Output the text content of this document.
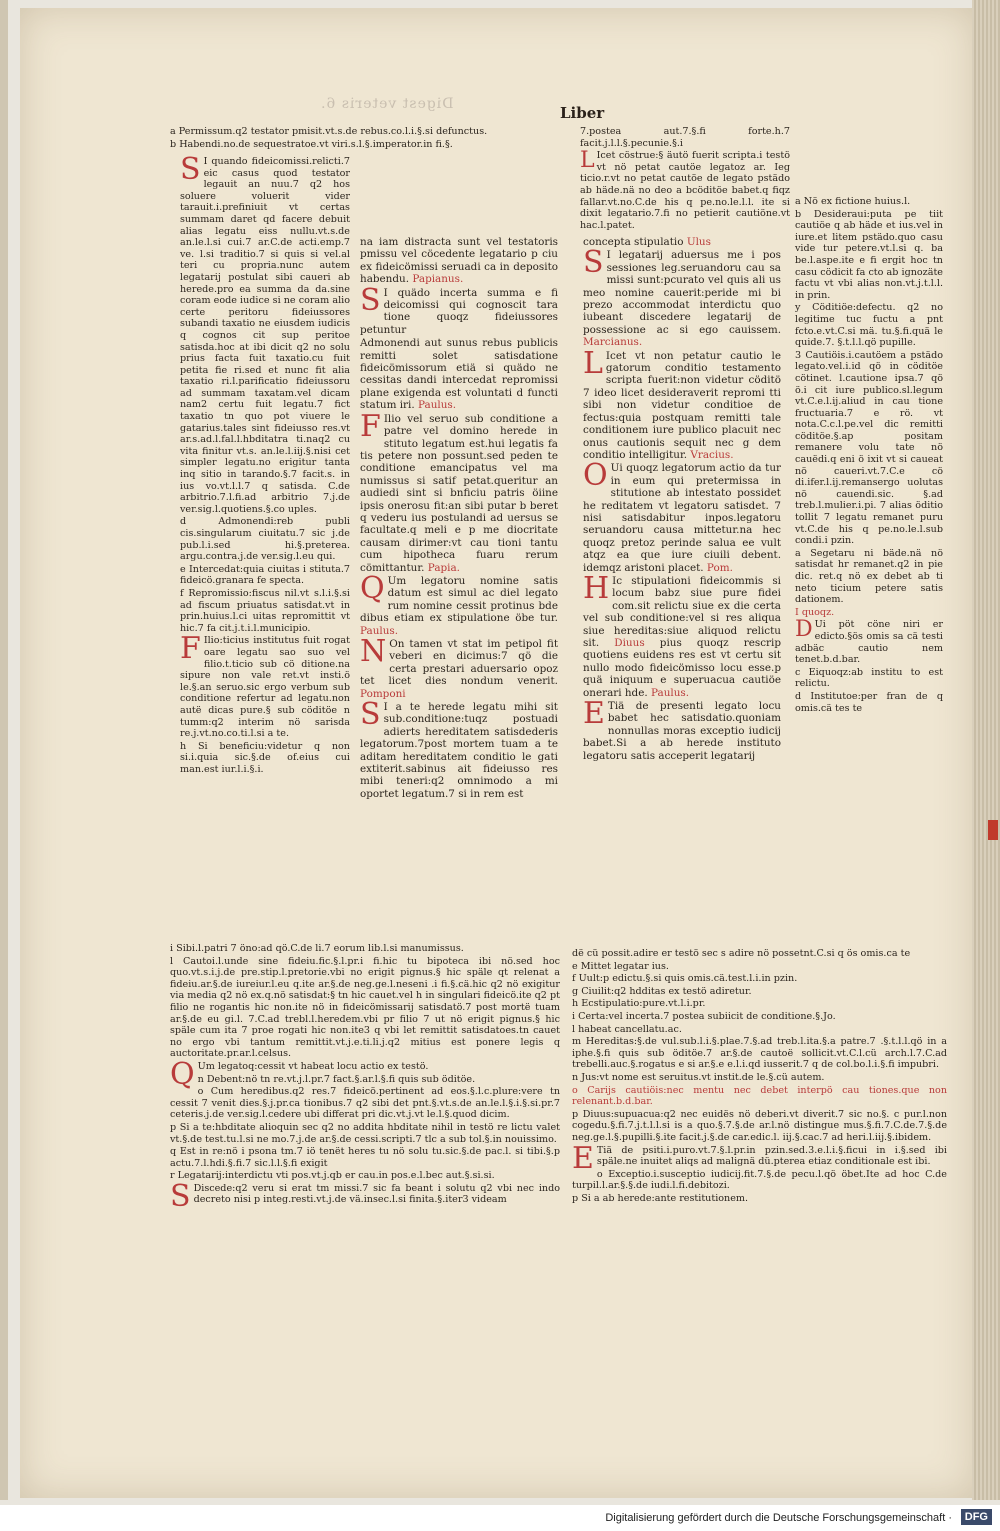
Digest veteris 6.	Liber

a Permissum.q2 testator pmisit.vt.s.de rebus.co.l.i.§.si defunctus.

b Habendi.no.de sequestratoe.vt viri.s.l.§.imperator.in fi.§.

S I quando fideicomissi.relicti.7 eic casus quod testator legauit an nuu.7 q2 hos soluere voluerit vider tarauit.i.prefiniuit vt certas summam daret qd facere debuit alias legatu eiss nullu.vt.s.de an.le.l.si cui.7 ar.C.de acti.emp.7 ve. l.si traditio.7 si quis si vel.al teri cu propria.nunc autem legatarij postulat sibi caueri ab herede.pro ea summa da da.sine coram eode iudice si ne coram alio certe peritoru fideiussores subandi taxatio ne eiusdem iudicis q cognos cit sup peritoe satisda.hoc at ibi dicit q2 no solu prius facta fuit taxatio.cu fuit petita fie ri.sed et nunc fit alia taxatio ri.l.parificatio fideiussoru ad summam taxatam.vel dicam nam2 certu fuit legatu.7 fict taxatio tn quo pot viuere le gatarius.tales sint fideiusso res.vt ar.s.ad.l.fal.l.hbditatra ti.naq2 cu vita finitur vt.s. an.le.l.iij.§.nisi cet simpler legatu.no erigitur tanta inq sitio in tarando.§.7 facit.s. in ius vo.vt.l.l.7 q satisda. C.de arbitrio.7.l.fi.ad arbitrio 7.j.de ver.sig.l.quotiens.§.co uples.

d Admonendi:reb publi cis.singularum ciuitatu.7 sic j.de pub.l.i.sed hi.§.preterea. argu.contra.j.de ver.sig.l.eu qui.

e Intercedat:quia ciuitas i stituta.7 fideicö.granara fe specta.

f Repromissio:fiscus nil.vt s.l.i.§.si ad fiscum priuatus satisdat.vt in prin.huius.l.ci uitas repromittit vt hic.7 fa cit.j.t.i.l.municipio.

F Ilio:ticius institutus fuit rogat oare legatu sao suo vel filio.t.ticio sub cö ditione.na sipure non vale ret.vt insti.ö le.§.an seruo.sic ergo verbum sub conditione refertur ad legatu.non autë dicas pure.§ sub cöditöe n tumm:q2 interim nö sarisda re.j.vt.no.co.ti.l.si a te.

h Si beneficiu:videtur q non si.i.quia sic.§.de of.eius cui man.est iur.l.i.§.i.

na iam distracta sunt vel testatoris pmissu vel cöcedente legatario p ciu ex fideicömissi seruadi ca in deposito habendu. Papianus.

S I quädo incerta summa e fi deicomissi qui cognoscit tara tione quoqz fideiussores petuntur

Admonendi aut sunus rebus publicis remitti solet satisdatione fideicömissorum etiä si quädo ne cessitas dandi intercedat repromissi plane exigenda est voluntati d functi statum iri. Paulus.

F Ilio vel seruo sub conditione a patre vel domino herede in stituto legatum est.hui legatis fa tis petere non possunt.sed peden te conditione emancipatus vel ma numissus si satif petat.queritur an audiedi sint si bnficiu patris öiine ipsis onerosu fit:an sibi putar b beret q vederu ius postulandi ad uersus se facultate.q meli e p me diocritate causam dirimer:vt cau tioni tantu cum hipotheca fuaru rerum cömittantur. Papia.

Q Um legatoru nomine satis datum est simul ac diel legato rum nomine cessit protinus bde dibus etiam ex stipulatione öbe tur. Paulus.

N On tamen vt stat im petipol fit veberi en dicimus:7 qö die certa prestari aduersario opoz tet licet dies nondum venerit. Pomponi

S I a te herede legatu mihi sit sub.conditione:tuqz postuadi adierts hereditatem satisdederis legatorum.7post mortem tuam a te aditam hereditatem conditio le gati extiterit.sabinus ait fideiusso res mibi teneri:q2 omnimodo a mi oportet legatum.7 si in rem est

7.postea aut.7.§.fi forte.h.7 facit.j.l.l.§.pecunie.§.i

L Icet cöstrue:§ äutö fuerit scripta.i testö vt nö petat cautöe legatoz ar. Ieg ticio.r.vt no petat cautöe de legato pstädo ab häde.nä no deo a bcöditöe babet.q fiqz fallar.vt.no.C.de his q pe.no.le.l.l. ite si dixit legatario.7.fi no petierit cautiöne.vt hac.l.patet.

concepta stipulatio Ulus

S I legatarij aduersus me i pos sessiones leg.seruandoru cau sa missi sunt:pcurato vel quis ali us meo nomine cauerit:peride mi bi prezo accommodat interdictu quo iubeant discedere legatarij de possessione ac si ego cauissem. Marcianus.

L Icet vt non petatur cautio le gatorum conditio testamento scripta fuerit:non videtur cöditö 7 ideo licet desideraverit repromi tti sibi non videtur conditioe de fectus:quia postquam remitti tale conditionem iure publico placuit nec onus cautionis sequit nec g dem conditio intelligitur. Vracius.

O Ui quoqz legatorum actio da tur in eum qui pretermissa in stitutione ab intestato possidet he reditatem vt legatoru satisdet. 7 nisi satisdabitur inpos.legatoru seruandoru causa mittetur.na hec quoqz pretoz perinde salua ee vult atqz ea que iure ciuili debent. idemqz aristoni placet. Pom.

H Ic stipulationi fideicommis si locum babz siue pure fidei com.sit relictu siue ex die certa vel sub conditione:vel si res aliqua siue hereditas:siue aliquod relictu sit. Diuus pius quoqz rescrip quotiens euidens res est vt certu sit nullo modo fideicömisso locu esse.p quä iniquum e superuacua cautiöe onerari hde. Paulus.

E Tiä de presenti legato locu babet hec satisdatio.quoniam nonnullas moras exceptio iudicij babet.Si a ab herede instituto legatoru satis acceperit legatarij

a Nö ex fictione huius.l.

b Desideraui:puta pe tiit cautiöe q ab häde et ius.vel in iure.et litem pstädo.quo casu vide tur petere.vt.l.si q. ba be.l.aspe.ite e fi ergit hoc tn casu cödicit fa cto ab ignozäte factu vt vbi alias non.vt.j.t.l.l. in prin.

y Cöditiöe:defectu. q2 no legitime tuc fuctu a pnt fcto.e.vt.C.si mä. tu.§.fi.quä le quide.7. §.t.l.l.qö pupille.

3 Cautiöis.i.cautöem a pstädo legato.vel.i.id qö in cöditöe cötinet. l.cautione ipsa.7 qö ö.i cit iure publico.sl.legum vt.C.e.l.ij.aliud in cau tione fructuaria.7 e rö. vt nota.C.c.l.pe.vel dic remitti cöditöe.§.ap positam remanere volu tate nö cauëdi.q eni ö ixit vt si caueat nö caueri.vt.7.C.e cö di.ifer.l.ij.remansergo uolutas nö cauendi.sic. §.ad treb.l.mulier.i.pi. 7 alias öditio tollit 7 legatu remanet puru vt.C.de his q pe.no.le.l.sub condi.i pzin.

a Segetaru ni bäde.nä nö satisdat hr remanet.q2 in pie dic. ret.q nö ex debet ab ti neto ticium petere satis dationem.

I quoqz.

D Ui pöt cöne niri er edicto.§ös omis sa cä testi adbäc cautio nem tenet.b.d.bar.

c Eiquoqz:ab institu to est relictu.

d Institutoe:per fran de q omis.cä tes te

i Sibi.l.patri 7 öno:ad qö.C.de li.7 eorum lib.l.si manumissus.

l Cautoi.l.unde sine fideiu.fic.§.l.pr.i fi.hic tu bipoteca ibi nö.sed hoc quo.vt.s.i.j.de pre.stip.l.pretorie.vbi no erigit pignus.§ hic späle qt relenat a fideiu.ar.§.de iureiur.l.eu q.ite ar.§.de neg.ge.l.neseni .i fi.§.cä.hic q2 nö exigitur via media q2 nö ex.q.nö satisdat:§ tn hic cauet.vel h in singulari fideicö.ite q2 pt filio ne rogantis hic non.ite nö in fideicömissarij satisdatö.7 post mortë tuam ar.§.de eu gi.l. 7.C.ad trebl.l.heredem.vbi pr filio 7 ut nö erigit pignus.§ hic späle cum ita 7 proe rogati hic non.ite3 q vbi let remittit satisdatoes.tn cauet no ergo vbi tantum remittit.vt.j.e.ti.li.j.q2 mitius est ponere legis q auctoritate.pr.ar.l.celsus.

Q Um legatoq:cessit vt habeat locu actio ex testö.

n Debent:nö tn re.vt.j.l.pr.7 fact.§.ar.l.§.fi quis sub öditöe.

o Cum heredibus.q2 res.7 fideicö.pertinent ad eos.§.l.c.plure:vere tn cessit 7 venit dies.§.j.pr.ca tionibus.7 q2 sibi det pnt.§.vt.s.de an.le.l.§.i.§.si.pr.7 ceteris.j.de ver.sig.l.cedere ubi differat pri dic.vt.j.vt le.l.§.quod dicim.

p Si a te:hbditate alioquin sec q2 no addita hbditate nihil in testö re lictu valet vt.§.de test.tu.l.si ne mo.7.j.de ar.§.de cessi.scripti.7 tlc a sub tol.§.in nouissimo.

q Est in re:nö i psona tm.7 iö tenët heres tu nö solu tu.sic.§.de pac.l. si tibi.§.p actu.7.l.hdi.§.fi.7 sic.l.l.§.fi exigit

r Legatarij:interdictu vti pos.vt.j.qb er cau.in pos.e.l.bec aut.§.si.si.

S Discede:q2 veru si erat tm missi.7 sic fa beant i solutu q2 vbi nec indo decreto nisi p integ.resti.vt.j.de vä.insec.l.si finita.§.iter3 videam

dë cü possit.adire er testö sec s adire nö possetnt.C.si q ös omis.ca te

e Mittet legatar ius.

f Uult:p edictu.§.si quis omis.cä.test.l.i.in pzin.

g Ciuilit:q2 hdditas ex testö adiretur.

h Ecstipulatio:pure.vt.l.i.pr.

i Certa:vel incerta.7 postea subiicit de conditione.§.Jo.

l habeat cancellatu.ac.

m Hereditas:§.de vul.sub.l.i.§.plae.7.§.ad treb.l.ita.§.a patre.7 .§.t.l.l.qö in a iphe.§.fi quis sub öditöe.7 ar.§.de cautoë sollicit.vt.C.l.cü arch.l.7.C.ad trebelli.auc.§.rogatus e si ar.§.e e.l.i.qd iusserit.7 q de col.bo.l.i.§.fi impubri.

n Jus:vt nome est seruitus.vt instit.de le.§.cü autem.

o Carijs cautiöis:nec mentu nec debet interpö cau tiones.que non relenant.b.d.bar.

p Diuus:supuacua:q2 nec euidës nö deberi.vt diverit.7 sic no.§. c pur.l.non cogedu.§.fi.7.j.t.l.l.si is a quo.§.7.§.de ar.l.nö distingue mus.§.fi.7.C.de.7.§.de neg.ge.l.§.pupilli.§.ite facit.j.§.de car.edic.l. iij.§.cac.7 ad heri.l.iij.§.ibidem.

E Tiä de psiti.i.puro.vt.7.§.l.pr.in pzin.sed.3.e.l.i.§.ficui in i.§.sed ibi späle.ne inuitet aliqs ad malignä dü.pterea etiaz conditionale est ibi.

o Exceptio.i.susceptio iudicij.fit.7.§.de pecu.l.qö öbet.Ite ad hoc C.de turpil.l.ar.§.§.de iudi.l.fi.debitozi.

p Si a ab herede:ante restitutionem.

Digitalisierung gefördert durch die Deutsche Forschungsgemeinschaft ·	DFG
